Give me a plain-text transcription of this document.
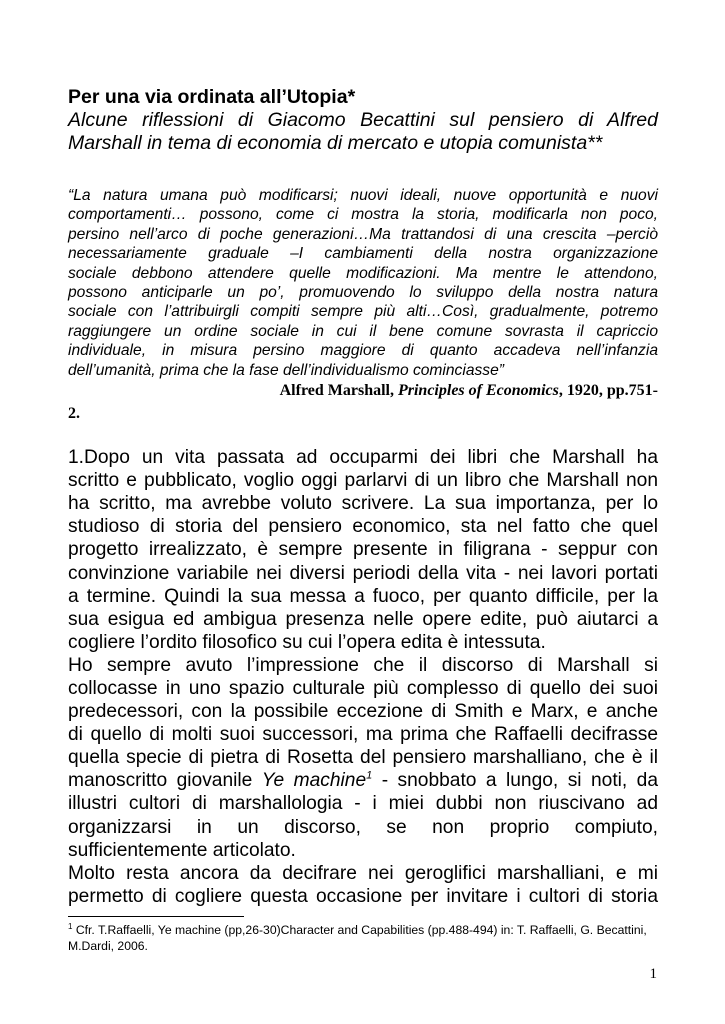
Per una via ordinata all’Utopia*
Alcune riflessioni di Giacomo Becattini sul pensiero di Alfred
Marshall in tema di economia di mercato e utopia comunista**
“La natura umana può modificarsi; nuovi ideali, nuove opportunità e nuovi
comportamenti… possono, come ci mostra la storia, modificarla non poco,
persino nell’arco di poche generazioni…Ma trattandosi di una crescita –perciò
necessariamente graduale –I cambiamenti della nostra organizzazione
sociale debbono attendere quelle modificazioni. Ma mentre le attendono,
possono anticiparle un po’, promuovendo lo sviluppo della nostra natura
sociale con l’attribuirgli compiti sempre più alti…Così, gradualmente, potremo
raggiungere un ordine sociale in cui il bene comune sovrasta il capriccio
individuale, in misura persino maggiore di quanto accadeva nell’infanzia
dell’umanità, prima che la fase dell’individualismo cominciasse”
Alfred Marshall, Principles of Economics, 1920, pp.751-
2.
1.Dopo un vita passata ad occuparmi dei libri che Marshall ha
scritto e pubblicato, voglio oggi parlarvi di un libro che Marshall non
ha scritto, ma avrebbe voluto scrivere. La sua importanza, per lo
studioso di storia del pensiero economico, sta nel fatto che quel
progetto irrealizzato, è sempre presente in filigrana - seppur con
convinzione variabile nei diversi periodi della vita - nei lavori portati
a termine. Quindi la sua messa a fuoco, per quanto difficile, per la
sua esigua ed ambigua presenza nelle opere edite, può aiutarci a
cogliere l’ordito filosofico su cui l’opera edita è intessuta.
Ho sempre avuto l’impressione che il discorso di Marshall si
collocasse in uno spazio culturale più complesso di quello dei suoi
predecessori, con la possibile eccezione di Smith e Marx, e anche
di quello di molti suoi successori, ma prima che Raffaelli decifrasse
quella specie di pietra di Rosetta del pensiero marshalliano, che è il
manoscritto giovanile Ye machine$^1$ - snobbato a lungo, si noti, da
illustri cultori di marshallologia - i miei dubbi non riuscivano ad
organizzarsi in un discorso, se non proprio compiuto,
sufficientemente articolato.
Molto resta ancora da decifrare nei geroglifici marshalliani, e mi
permetto di cogliere questa occasione per invitare i cultori di storia
$^1$ Cfr. T.Raffaelli, Ye machine (pp,26-30)Character and Capabilities (pp.488-494) in: T. Raffaelli, G. Becattini, M.Dardi, 2006.
1
